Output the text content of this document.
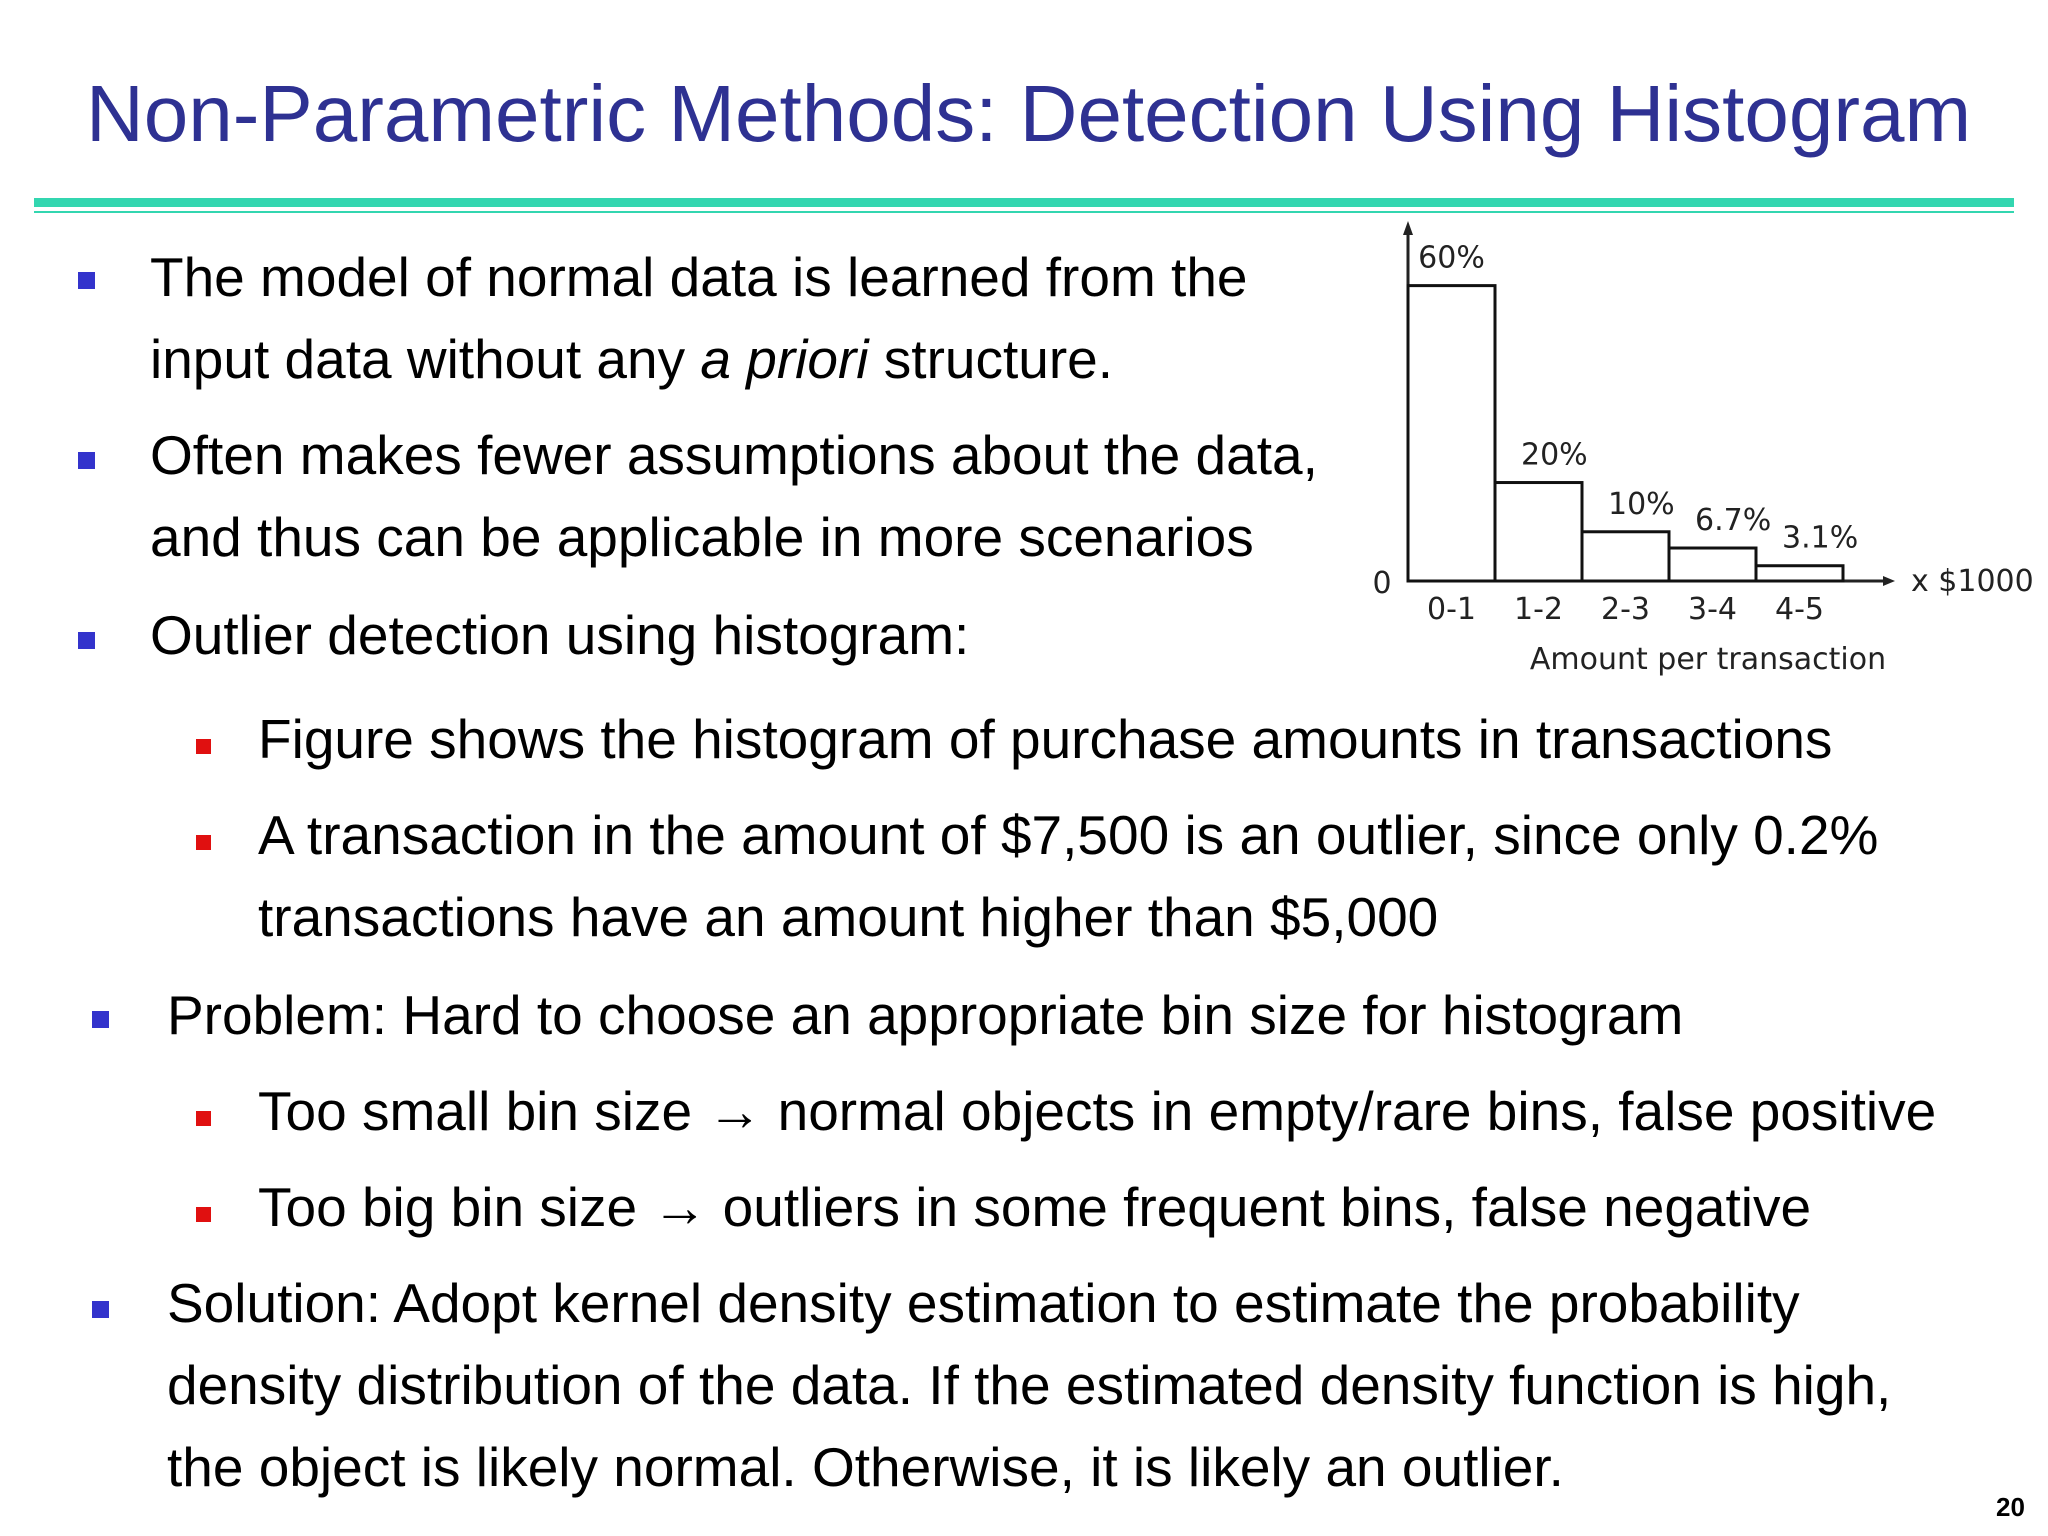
Non-Parametric Methods: Detection Using Histogram
The model of normal data is learned from the
input data without any a priori structure.
Often makes fewer assumptions about the data,
and thus can be applicable in more scenarios
Outlier detection using histogram:
Figure shows the histogram of purchase amounts in transactions
A transaction in the amount of $7,500 is an outlier, since only 0.2%
transactions have an amount higher than $5,000
Problem: Hard to choose an appropriate bin size for histogram
Too small bin size → normal objects in empty/rare bins, false positive
Too big bin size → outliers in some frequent bins, false negative
Solution: Adopt kernel density estimation to estimate the probability
density distribution of the data. If the estimated density function is high,
the object is likely normal. Otherwise, it is likely an outlier.
0-1
60%
1-2
20%
2-3
10%
3-4
6.7%
4-5
3.1%
0	x $1000
Amount per transaction
20
